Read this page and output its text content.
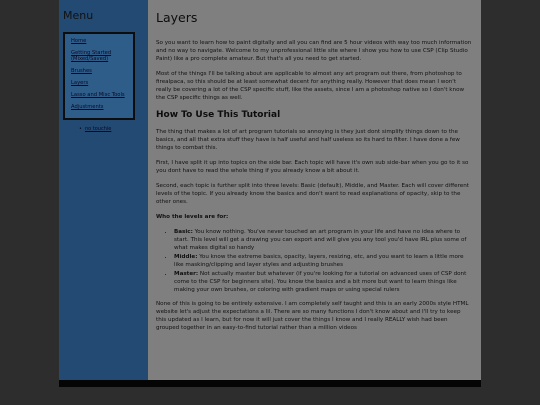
Menu
Home
Getting Started (Mixed/Saved)
Brushes
Layers
Lasso and Misc Tools
Adjustments
• no touchie
Layers

So you want to learn how to paint digitally and all you can find are 5 hour videos with way too much information and no way to navigate. Welcome to my unprofessional little site where I show you how to use CSP (Clip Studio Paint) like a pro complete amateur. But that's all you need to get started.

Most of the things I'll be talking about are applicable to almost any art program out there, from photoshop to firealpaca, so this should be at least somewhat decent for anything really. However that does mean I won't really be covering a lot of the CSP specific stuff, like the assets, since I am a photoshop native so I don't know the CSP specific things as well.

How To Use This Tutorial

The thing that makes a lot of art program tutorials so annoying is they just dont simplify things down to the basics, and all that extra stuff they have is half useful and half useless so its hard to filter. I have done a few things to combat this.

First, I have split it up into topics on the side bar. Each topic will have it's own sub side-bar when you go to it so you dont have to read the whole thing if you already know a bit about it.

Second, each topic is further split into three levels: Basic (default), Middle, and Master. Each will cover different levels of the topic. If you already know the basics and don't want to read explanations of opacity, skip to the other ones.

Who the levels are for:

• Basic: You know nothing. You've never touched an art program in your life and have no idea where to start. This level will get a drawing you can export and will give you any tool you'd have IRL plus some of what makes digital so handy
• Middle: You know the extreme basics, opacity, layers, resizing, etc, and you want to learn a little more like masking/clipping and layer styles and adjusting brushes
• Master: Not actually master but whatever (if you're looking for a tutorial on advanced uses of CSP dont come to the CSP for beginners site). You know the basics and a bit more but want to learn things like making your own brushes, or coloring with gradient maps or using special rulers

None of this is going to be entirely extensive. I am completely self taught and this is an early 2000s style HTML website let's adjust the expectations a lil. There are so many functions I don't know about and I'll try to keep this updated as I learn, but for now it will just cover the things I know and I really REALLY wish had been grouped together in an easy-to-find tutorial rather than a million videos
